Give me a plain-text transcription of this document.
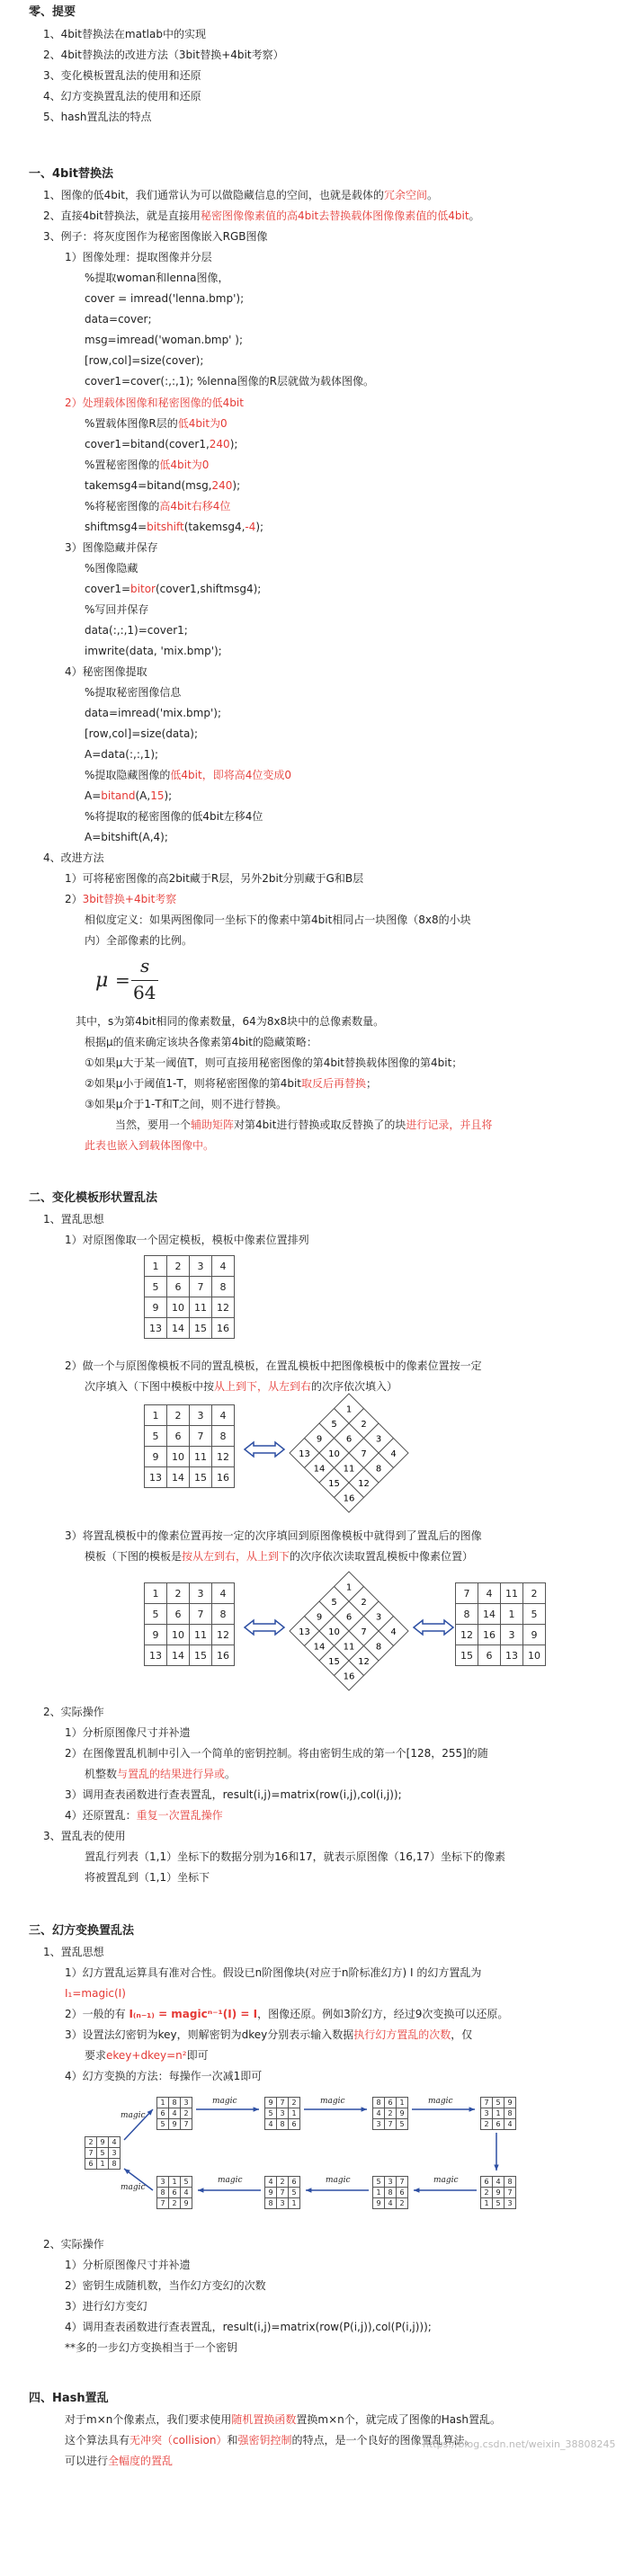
零、提要
1、4bit替换法在matlab中的实现
2、4bit替换法的改进方法（3bit替换+4bit考察）
3、变化模板置乱法的使用和还原
4、幻方变换置乱法的使用和还原
5、hash置乱法的特点
一、4bit替换法
1、图像的低4bit，我们通常认为可以做隐藏信息的空间，也就是载体的冗余空间。
2、直接4bit替换法，就是直接用秘密图像像素值的高4bit去替换载体图像像素值的低4bit。
3、例子：将灰度图作为秘密图像嵌入RGB图像
1）图像处理：提取图像并分层
%提取woman和lenna图像，
cover = imread('lenna.bmp');
data=cover;
msg=imread('woman.bmp' );
[row,col]=size(cover);
cover1=cover(:,:,1); %lenna图像的R层就做为载体图像。
2）处理载体图像和秘密图像的低4bit
%置载体图像R层的低4bit为0
cover1=bitand(cover1,240);
%置秘密图像的低4bit为0
takemsg4=bitand(msg,240);
%将秘密图像的高4bit右移4位
shiftmsg4=bitshift(takemsg4,-4);
3）图像隐藏并保存
%图像隐藏
cover1=bitor(cover1,shiftmsg4);
%写回并保存
data(:,:,1)=cover1;
imwrite(data, 'mix.bmp');
4）秘密图像提取
%提取秘密图像信息
data=imread('mix.bmp');
[row,col]=size(data);
A=data(:,:,1);
%提取隐藏图像的低4bit，即将高4位变成0
A=bitand(A,15);
%将提取的秘密图像的低4bit左移4位
A=bitshift(A,4);
4、改进方法
1）可将秘密图像的高2bit藏于R层，另外2bit分别藏于G和B层
2）3bit替换+4bit考察
相似度定义：如果两图像同一坐标下的像素中第4bit相同占一块图像（8x8的小块
内）全部像素的比例。
μ =
s
64
其中，s为第4bit相同的像素数量，64为8x8块中的总像素数量。
根据μ的值来确定该块各像素第4bit的隐藏策略：
①如果μ大于某一阈值T，则可直接用秘密图像的第4bit替换载体图像的第4bit；
②如果μ小于阈值1-T，则将秘密图像的第4bit取反后再替换；
③如果μ介于1-T和T之间，则不进行替换。
当然，要用一个辅助矩阵对第4bit进行替换或取反替换了的块进行记录，并且将
此表也嵌入到载体图像中。
二、变化模板形状置乱法
1、置乱思想
1）对原图像取一个固定模板，模板中像素位置排列
1	2	3	4
5	6	7	8
9	10	11	12
13	14	15	16
2）做一个与原图像模板不同的置乱模板，在置乱模板中把图像模板中的像素位置按一定
次序填入（下图中模板中按从上到下，从左到右的次序依次填入）
1	2	3	4
5	6	7	8
9	10	11	12
13	14	15	16
1
2
3
4
5
6
7
8
9
10
11
12
13
14
15
16
3）将置乱模板中的像素位置再按一定的次序填回到原图像模板中就得到了置乱后的图像
模板（下图的模板是按从左到右，从上到下的次序依次读取置乱模板中像素位置）
1	2	3	4
5	6	7	8
9	10	11	12
13	14	15	16
1
2
3
4
5
6
7
8
9
10
11
12
13
14
15
16
7	4	11	2
8	14	1	5
12	16	3	9
15	6	13	10
2、实际操作
1）分析原图像尺寸并补遗
2）在图像置乱机制中引入一个简单的密钥控制。将由密钥生成的第一个[128，255]的随
机整数与置乱的结果进行异或。
3）调用查表函数进行查表置乱，result(i,j)=matrix(row(i,j),col(i,j));
4）还原置乱：重复一次置乱操作
3、置乱表的使用
置乱行列表（1,1）坐标下的数据分别为16和17，就表示原图像（16,17）坐标下的像素
将被置乱到（1,1）坐标下
三、幻方变换置乱法
1、置乱思想
1）幻方置乱运算具有准对合性。假设已n阶图像块(对应于n阶标准幻方) I 的幻方置乱为
I₁=magic(I)
2）一般的有 I₍ₙ₋₁₎ = magicⁿ⁻¹(I) = I，图像还原。例如3阶幻方，经过9次变换可以还原。
3）设置法幻密钥为key，则解密钥为dkey分别表示输入数据执行幻方置乱的次数，仅
要求ekey+dkey=n²即可
4）幻方变换的方法：每操作一次减1即可
2	9	4
7	5	3
6	1	8
1	8	3
6	4	2
5	9	7
9	7	2
5	3	1
4	8	6
8	6	1
4	2	9
3	7	5
7	5	9
3	1	8
2	6	4
6	4	8
2	9	7
1	5	3
5	3	7
1	8	6
9	4	2
4	2	6
9	7	5
8	3	1
3	1	5
8	6	4
7	2	9
magic
magic	magic	magic
magic
magic
magic
magic
2、实际操作
1）分析原图像尺寸并补遗
2）密钥生成随机数，当作幻方变幻的次数
3）进行幻方变幻
4）调用查表函数进行查表置乱，result(i,j)=matrix(row(P(i,j)),col(P(i,j)));
**多的一步幻方变换相当于一个密钥
四、Hash置乱
对于m×n个像素点，我们要求使用随机置换函数置换m×n个，就完成了图像的Hash置乱。
这个算法具有无冲突（collision）和强密钥控制的特点，是一个良好的图像置乱算法。
可以进行全幅度的置乱
https://blog.csdn.net/weixin_38808245
